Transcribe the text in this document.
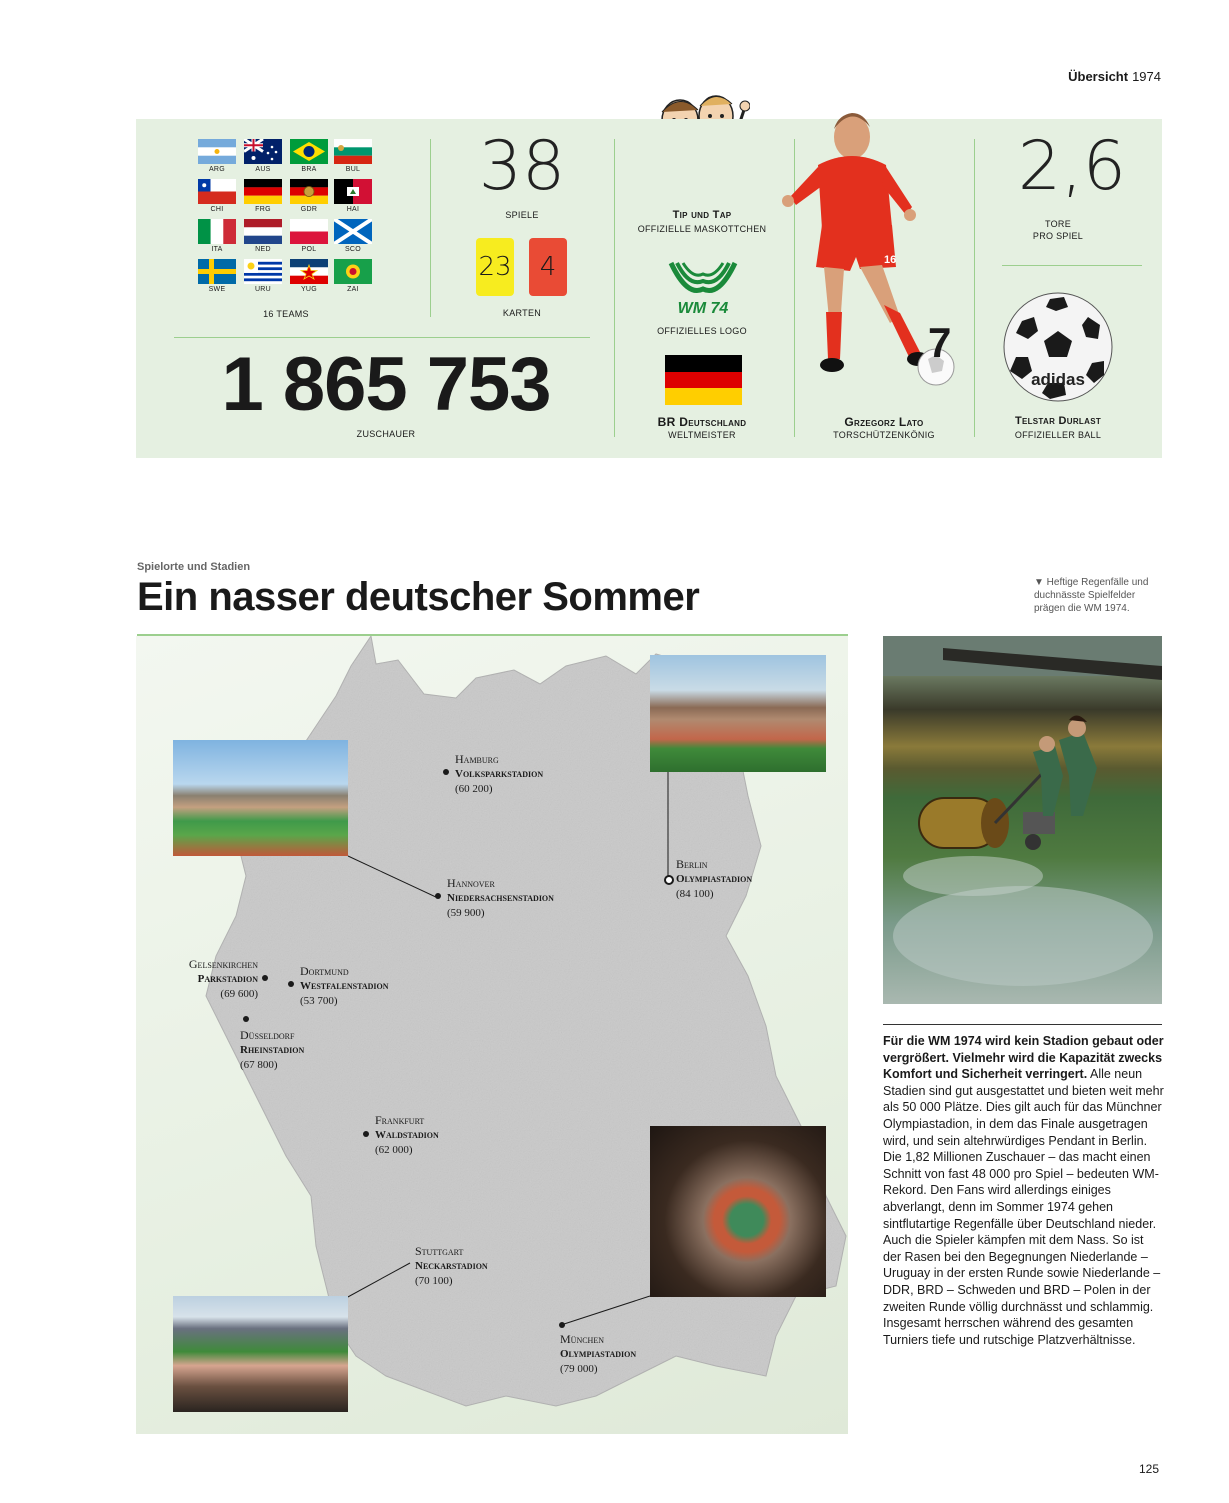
Übersicht 1974
ARG	AUS	BRA	BUL
CHI	FRG	GDR	HAI
ITA	NED	POL	SCO
SWE	URU	YUG	ZAI
16 TEAMS
38
SPIELE
23	4
KARTEN
1 865 753
ZUSCHAUER
Tip und Tap
OFFIZIELLE MASKOTTCHEN
WM 74
OFFIZIELLES LOGO
BR Deutschland
WELTMEISTER
16
7
Grzegorz Lato
TORSCHÜTZENKÖNIG
2,6
TORE
PRO SPIEL
adidas
Telstar Durlast
OFFIZIELLER BALL
Spielorte und Stadien
Ein nasser deutscher Sommer
Hamburg
Volksparkstadion
(60 200)
Berlin
Olympiastadion
(84 100)
Hannover
Niedersachsenstadion
(59 900)
Gelsenkirchen
Parkstadion
(69 600)
Dortmund
Westfalenstadion
(53 700)
Düsseldorf
Rheinstadion
(67 800)
Frankfurt
Waldstadion
(62 000)
Stuttgart
Neckarstadion
(70 100)
München
Olympiastadion
(79 000)
▼ Heftige Regenfälle und duchnässte Spielfelder prägen die WM 1974.
Für die WM 1974 wird kein Stadion gebaut oder vergrößert. Vielmehr wird die Kapazität zwecks Komfort und Sicherheit verringert. Alle neun Stadien sind gut ausgestattet und bieten weit mehr als 50 000 Plätze. Dies gilt auch für das Münchner Olympiastadion, in dem das Finale ausgetragen wird, und sein altehrwürdiges Pendant in Berlin. Die 1,82 Millionen Zuschauer – das macht einen Schnitt von fast 48 000 pro Spiel – bedeuten WM-Rekord. Den Fans wird allerdings einiges abverlangt, denn im Sommer 1974 gehen sintflutartige Regenfälle über Deutschland nieder. Auch die Spieler kämpfen mit dem Nass. So ist der Rasen bei den Begegnungen Niederlande – Uruguay in der ersten Runde sowie Niederlande – DDR, BRD – Schweden und BRD – Polen in der zweiten Runde völlig durchnässt und schlammig. Insgesamt herrschen während des gesamten Turniers tiefe und rutschige Platzverhältnisse.
125
